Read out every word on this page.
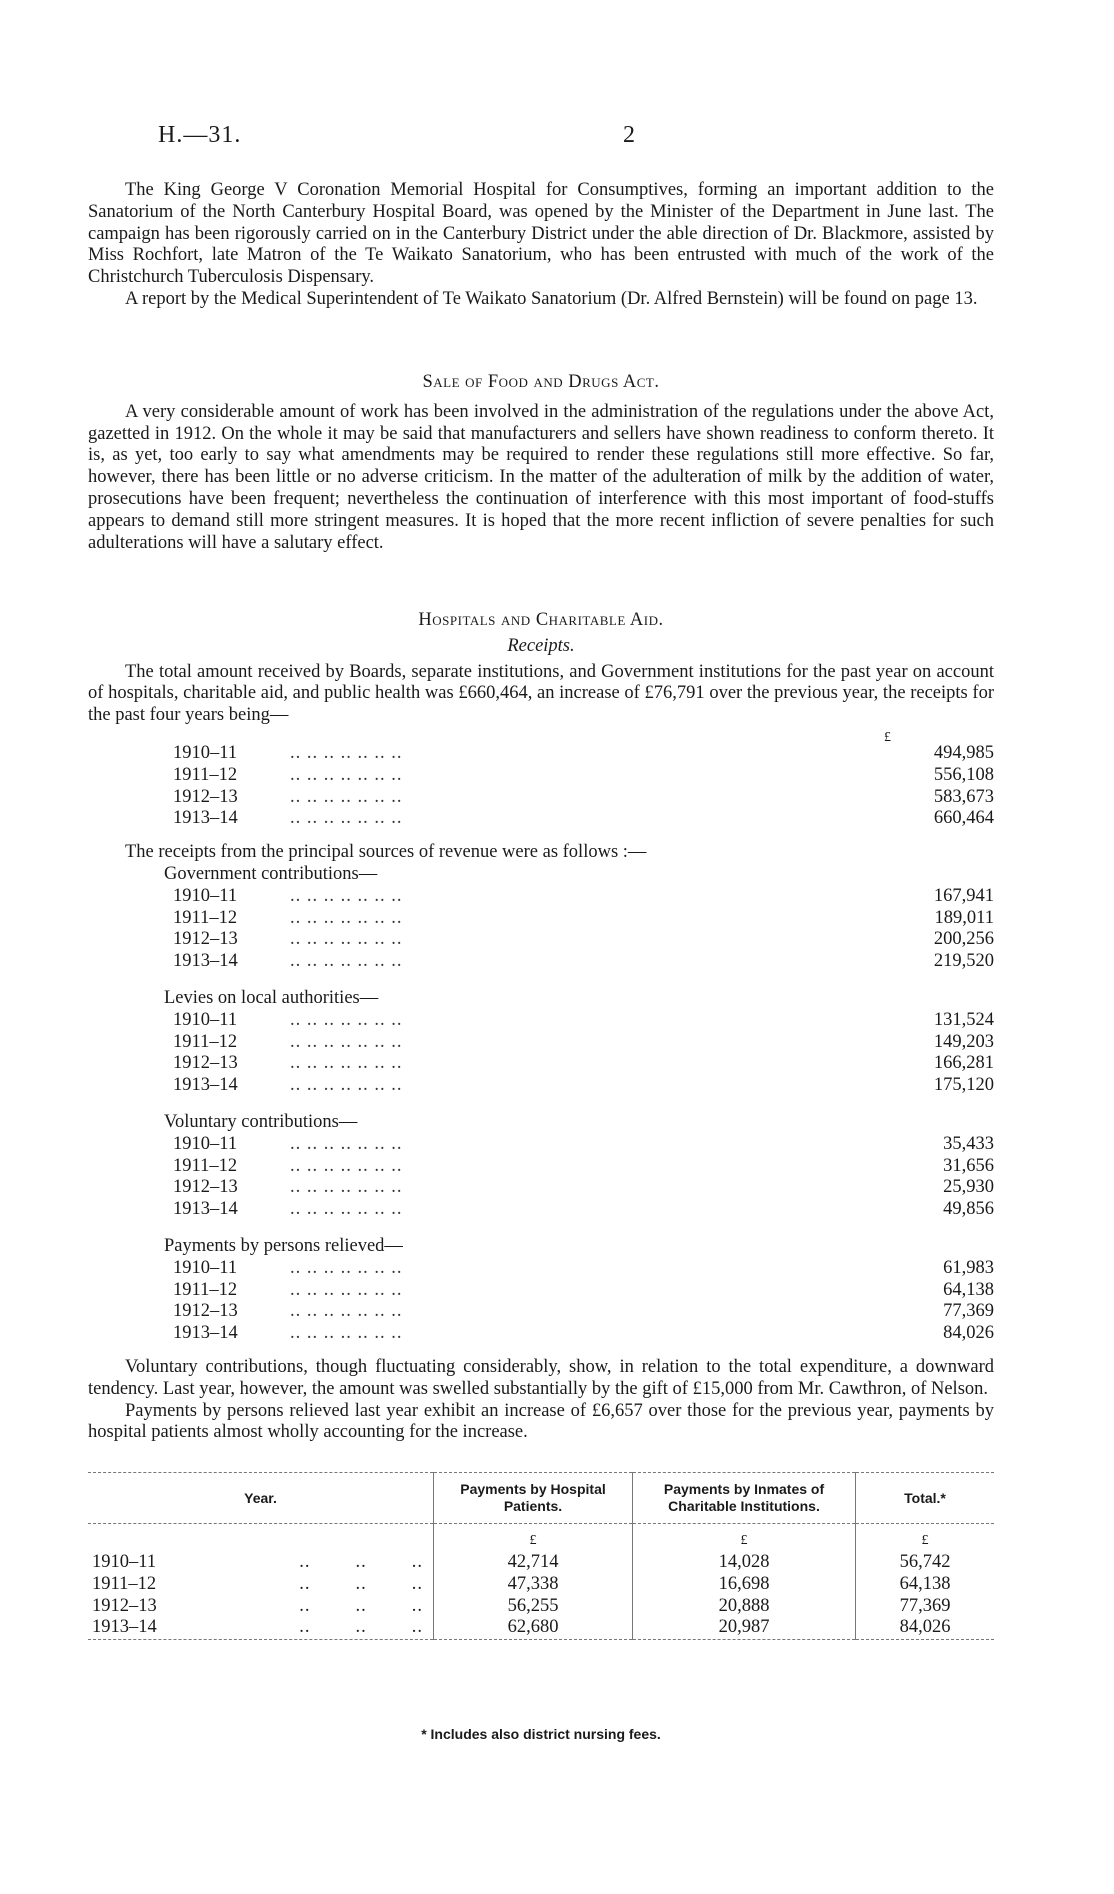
H.—31.	2

The King George V Coronation Memorial Hospital for Consumptives, forming an important addition to the Sanatorium of the North Canterbury Hospital Board, was opened by the Minister of the Department in June last. The campaign has been rigorously carried on in the Canterbury District under the able direction of Dr. Blackmore, assisted by Miss Rochfort, late Matron of the Te Waikato Sanatorium, who has been entrusted with much of the work of the Christchurch Tuberculosis Dispensary.

A report by the Medical Superintendent of Te Waikato Sanatorium (Dr. Alfred Bernstein) will be found on page 13.

Sale of Food and Drugs Act.

A very considerable amount of work has been involved in the administration of the regulations under the above Act, gazetted in 1912. On the whole it may be said that manufacturers and sellers have shown readiness to conform thereto. It is, as yet, too early to say what amendments may be required to render these regulations still more effective. So far, however, there has been little or no adverse criticism. In the matter of the adulteration of milk by the addition of water, prosecutions have been frequent; nevertheless the continuation of interference with this most important of food-stuffs appears to demand still more stringent measures. It is hoped that the more recent infliction of severe penalties for such adulterations will have a salutary effect.

Hospitals and Charitable Aid.
Receipts.

The total amount received by Boards, separate institutions, and Government institutions for the past year on account of hospitals, charitable aid, and public health was £660,464, an increase of £76,791 over the previous year, the receipts for the past four years being—

£
1910–11	.. .. .. .. .. .. ..	494,985
1911–12	.. .. .. .. .. .. ..	556,108
1912–13	.. .. .. .. .. .. ..	583,673
1913–14	.. .. .. .. .. .. ..	660,464
The receipts from the principal sources of revenue were as follows :—
Government contributions—
1910–11	.. .. .. .. .. .. ..	167,941
1911–12	.. .. .. .. .. .. ..	189,011
1912–13	.. .. .. .. .. .. ..	200,256
1913–14	.. .. .. .. .. .. ..	219,520
Levies on local authorities—
1910–11	.. .. .. .. .. .. ..	131,524
1911–12	.. .. .. .. .. .. ..	149,203
1912–13	.. .. .. .. .. .. ..	166,281
1913–14	.. .. .. .. .. .. ..	175,120
Voluntary contributions—
1910–11	.. .. .. .. .. .. ..	35,433
1911–12	.. .. .. .. .. .. ..	31,656
1912–13	.. .. .. .. .. .. ..	25,930
1913–14	.. .. .. .. .. .. ..	49,856
Payments by persons relieved—
1910–11	.. .. .. .. .. .. ..	61,983
1911–12	.. .. .. .. .. .. ..	64,138
1912–13	.. .. .. .. .. .. ..	77,369
1913–14	.. .. .. .. .. .. ..	84,026

Voluntary contributions, though fluctuating considerably, show, in relation to the total expenditure, a downward tendency. Last year, however, the amount was swelled substantially by the gift of £15,000 from Mr. Cawthron, of Nelson.

Payments by persons relieved last year exhibit an increase of £6,657 over those for the previous year, payments by hospital patients almost wholly accounting for the increase.

Year.	Payments by Hospital Patients.	Payments by Inmates of Charitable Institutions.	Total.*
	£	£	£
1910–11 ..        ..        ..	42,714	14,028	56,742
1911–12 ..        ..        ..	47,338	16,698	64,138
1912–13 ..        ..        ..	56,255	20,888	77,369
1913–14 ..        ..        ..	62,680	20,987	84,026
* Includes also district nursing fees.
